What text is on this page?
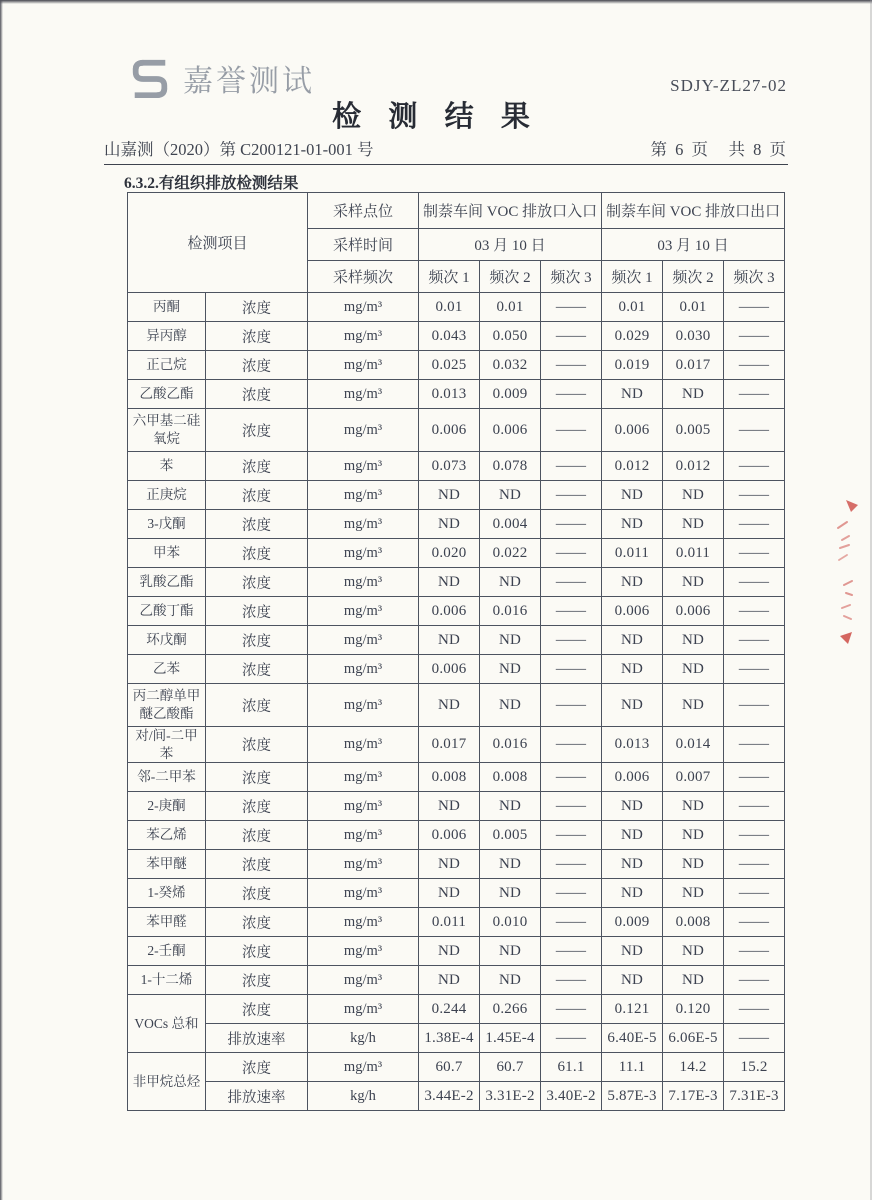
嘉誉测试	SDJY-ZL27-02
检 测 结 果
山嘉测（2020）第 C200121-01-001 号	第 6 页　共 8 页
6.3.2.有组织排放检测结果
检测项目		采样点位	制萘车间 VOC 排放口入口			制萘车间 VOC 排放口出口		
		采样时间	03 月 10 日			03 月 10 日		
		采样频次	频次 1	频次 2	频次 3	频次 1	频次 2	频次 3
丙酮	浓度	mg/m³	0.01	0.01	——	0.01	0.01	——
异丙醇	浓度	mg/m³	0.043	0.050	——	0.029	0.030	——
正己烷	浓度	mg/m³	0.025	0.032	——	0.019	0.017	——
乙酸乙酯	浓度	mg/m³	0.013	0.009	——	ND	ND	——
六甲基二硅氧烷	浓度	mg/m³	0.006	0.006	——	0.006	0.005	——
苯	浓度	mg/m³	0.073	0.078	——	0.012	0.012	——
正庚烷	浓度	mg/m³	ND	ND	——	ND	ND	——
3-戊酮	浓度	mg/m³	ND	0.004	——	ND	ND	——
甲苯	浓度	mg/m³	0.020	0.022	——	0.011	0.011	——
乳酸乙酯	浓度	mg/m³	ND	ND	——	ND	ND	——
乙酸丁酯	浓度	mg/m³	0.006	0.016	——	0.006	0.006	——
环戊酮	浓度	mg/m³	ND	ND	——	ND	ND	——
乙苯	浓度	mg/m³	0.006	ND	——	ND	ND	——
丙二醇单甲醚乙酸酯	浓度	mg/m³	ND	ND	——	ND	ND	——
对/间-二甲苯	浓度	mg/m³	0.017	0.016	——	0.013	0.014	——
邻-二甲苯	浓度	mg/m³	0.008	0.008	——	0.006	0.007	——
2-庚酮	浓度	mg/m³	ND	ND	——	ND	ND	——
苯乙烯	浓度	mg/m³	0.006	0.005	——	ND	ND	——
苯甲醚	浓度	mg/m³	ND	ND	——	ND	ND	——
1-癸烯	浓度	mg/m³	ND	ND	——	ND	ND	——
苯甲醛	浓度	mg/m³	0.011	0.010	——	0.009	0.008	——
2-壬酮	浓度	mg/m³	ND	ND	——	ND	ND	——
1-十二烯	浓度	mg/m³	ND	ND	——	ND	ND	——
VOCs 总和	浓度	mg/m³	0.244	0.266	——	0.121	0.120	——
	排放速率	kg/h	1.38E-4	1.45E-4	——	6.40E-5	6.06E-5	——
非甲烷总烃	浓度	mg/m³	60.7	60.7	61.1	11.1	14.2	15.2
	排放速率	kg/h	3.44E-2	3.31E-2	3.40E-2	5.87E-3	7.17E-3	7.31E-3
